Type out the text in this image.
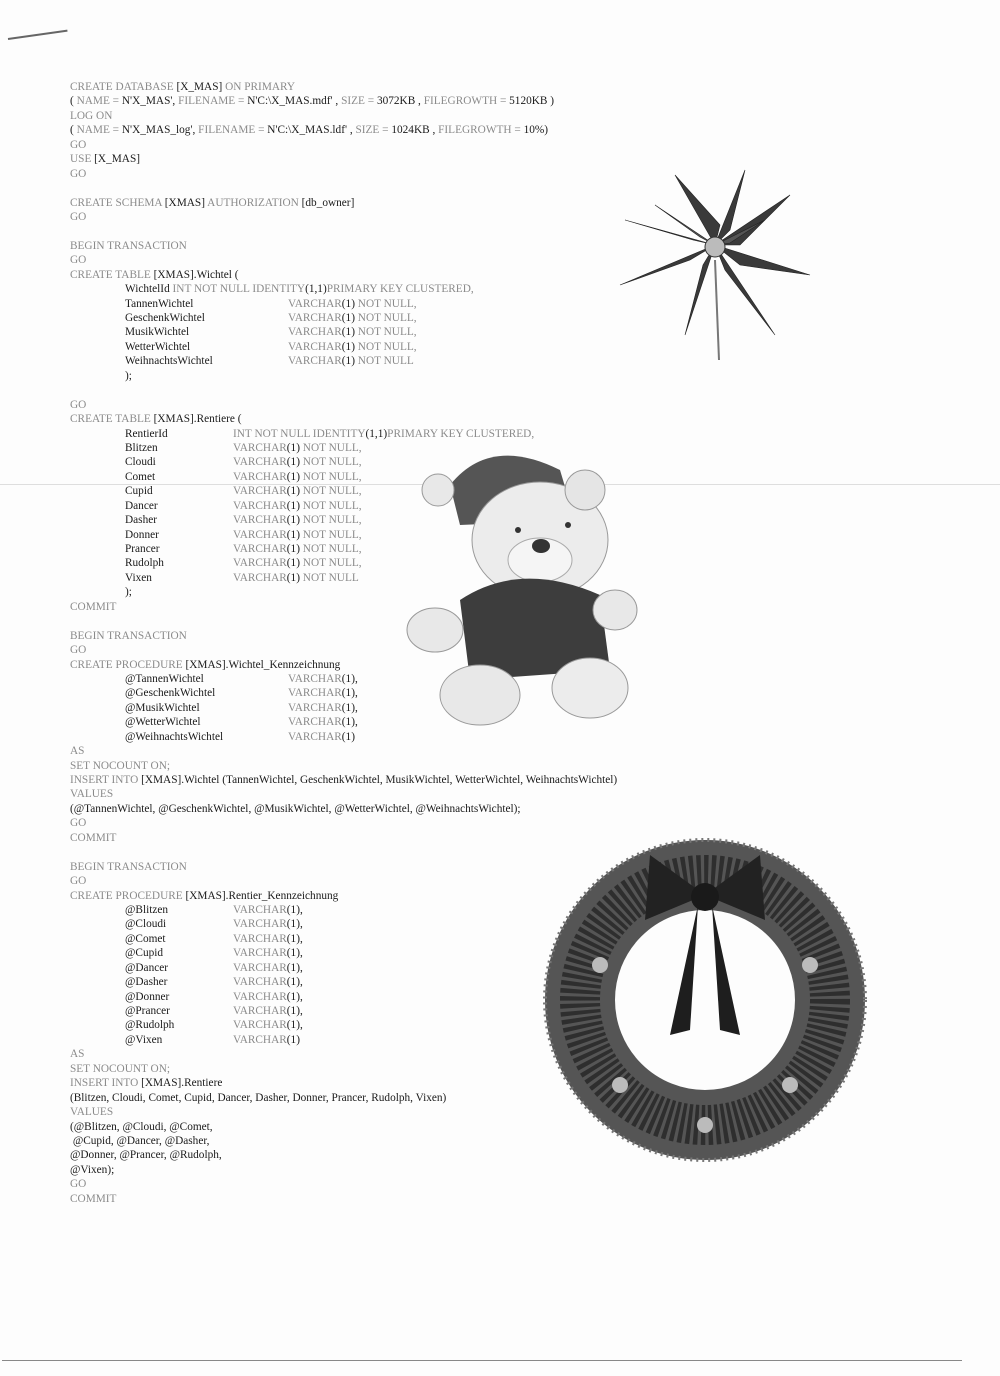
CREATE DATABASE [X_MAS] ON PRIMARY
( NAME = N'X_MAS', FILENAME = N'C:\X_MAS.mdf' , SIZE = 3072KB , FILEGROWTH = 5120KB )
LOG ON
( NAME = N'X_MAS_log', FILENAME = N'C:\X_MAS.ldf' , SIZE = 1024KB , FILEGROWTH = 10%)
GO
USE [X_MAS]
GO
CREATE SCHEMA [XMAS] AUTHORIZATION [db_owner]
GO
BEGIN TRANSACTION
GO
CREATE TABLE [XMAS].Wichtel (
WichtelId INT NOT NULL IDENTITY(1,1)PRIMARY KEY CLUSTERED,
TannenWichtel	VARCHAR(1) NOT NULL,
GeschenkWichtel	VARCHAR(1) NOT NULL,
MusikWichtel	VARCHAR(1) NOT NULL,
WetterWichtel	VARCHAR(1) NOT NULL,
WeihnachtsWichtel	VARCHAR(1) NOT NULL
);
GO
CREATE TABLE [XMAS].Rentiere (
RentierId	INT NOT NULL IDENTITY(1,1)PRIMARY KEY CLUSTERED,
Blitzen	VARCHAR(1) NOT NULL,
Cloudi	VARCHAR(1) NOT NULL,
Comet	VARCHAR(1) NOT NULL,
Cupid	VARCHAR(1) NOT NULL,
Dancer	VARCHAR(1) NOT NULL,
Dasher	VARCHAR(1) NOT NULL,
Donner	VARCHAR(1) NOT NULL,
Prancer	VARCHAR(1) NOT NULL,
Rudolph	VARCHAR(1) NOT NULL,
Vixen	VARCHAR(1) NOT NULL
);
COMMIT
BEGIN TRANSACTION
GO
CREATE PROCEDURE [XMAS].Wichtel_Kennzeichnung
@TannenWichtel	VARCHAR(1),
@GeschenkWichtel	VARCHAR(1),
@MusikWichtel	VARCHAR(1),
@WetterWichtel	VARCHAR(1),
@WeihnachtsWichtel	VARCHAR(1)
AS
SET NOCOUNT ON;
INSERT INTO [XMAS].Wichtel (TannenWichtel, GeschenkWichtel, MusikWichtel, WetterWichtel, WeihnachtsWichtel)
VALUES
(@TannenWichtel, @GeschenkWichtel, @MusikWichtel, @WetterWichtel, @WeihnachtsWichtel);
GO
COMMIT
BEGIN TRANSACTION
GO
CREATE PROCEDURE [XMAS].Rentier_Kennzeichnung
@Blitzen	VARCHAR(1),
@Cloudi	VARCHAR(1),
@Comet	VARCHAR(1),
@Cupid	VARCHAR(1),
@Dancer	VARCHAR(1),
@Dasher	VARCHAR(1),
@Donner	VARCHAR(1),
@Prancer	VARCHAR(1),
@Rudolph	VARCHAR(1),
@Vixen	VARCHAR(1)
AS
SET NOCOUNT ON;
INSERT INTO [XMAS].Rentiere
(Blitzen, Cloudi, Comet, Cupid, Dancer, Dasher, Donner, Prancer, Rudolph, Vixen)
VALUES
(@Blitzen, @Cloudi, @Comet,
@Cupid, @Dancer, @Dasher,
@Donner, @Prancer, @Rudolph,
@Vixen);
GO
COMMIT
